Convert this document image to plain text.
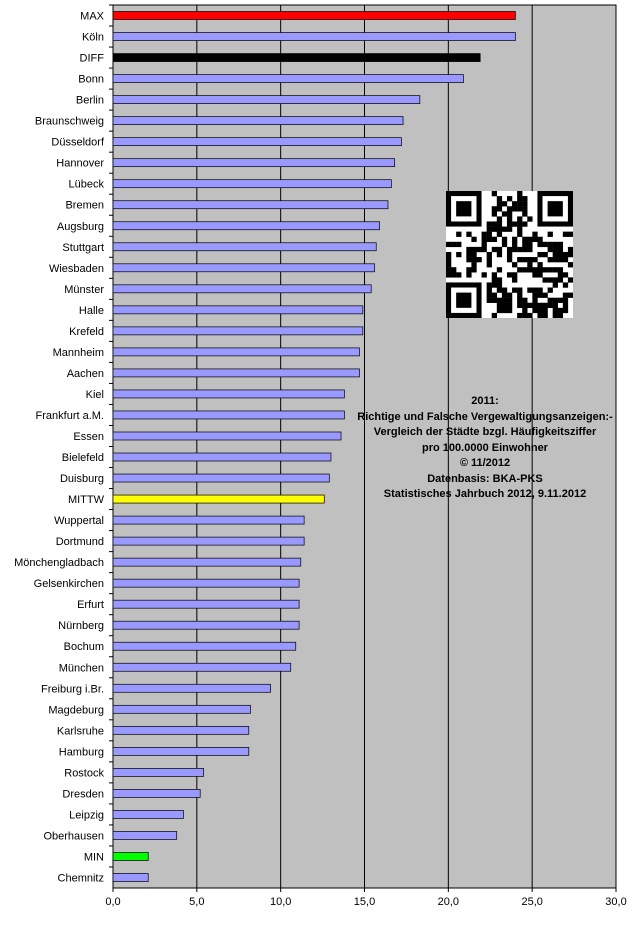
MAX
Köln
DIFF
Bonn
Berlin
Braunschweig
Düsseldorf
Hannover
Lübeck
Bremen
Augsburg
Stuttgart
Wiesbaden
Münster
Halle
Krefeld
Mannheim
Aachen
Kiel
Frankfurt a.M.
Essen
Bielefeld
Duisburg
MITTW
Wuppertal
Dortmund
Mönchengladbach
Gelsenkirchen
Erfurt
Nürnberg
Bochum
München
Freiburg i.Br.
Magdeburg
Karlsruhe
Hamburg
Rostock
Dresden
Leipzig
Oberhausen
MIN
Chemnitz
0,0	5,0	10,0	15,0	20,0	25,0	30,0
2011:
Richtige und Falsche Vergewaltigungsanzeigen:-
Vergleich der Städte bzgl. Häufigkeitsziffer
pro 100.0000 Einwohner
© 11/2012
Datenbasis: BKA-PKS
Statistisches Jahrbuch 2012, 9.11.2012
